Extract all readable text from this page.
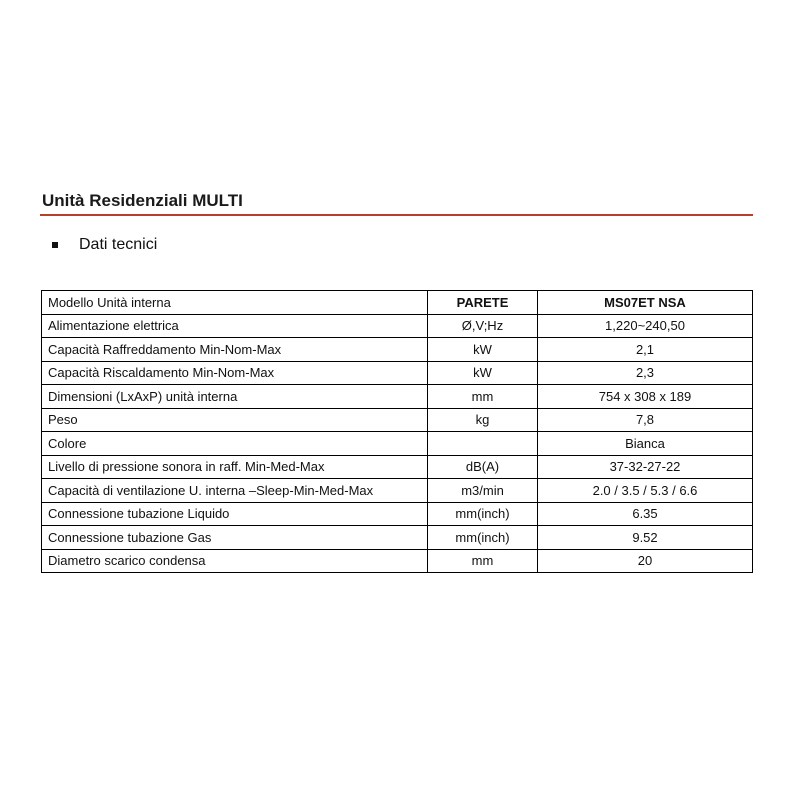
Unità Residenziali MULTI
Dati tecnici
Modello Unità interna	PARETE	MS07ET NSA
Alimentazione elettrica	Ø,V;Hz	1,220~240,50
Capacità Raffreddamento Min-Nom-Max	kW	2,1
Capacità Riscaldamento Min-Nom-Max	kW	2,3
Dimensioni (LxAxP) unità interna	mm	754 x 308 x 189
Peso	kg	7,8
Colore		Bianca
Livello di pressione sonora in raff. Min-Med-Max	dB(A)	37-32-27-22
Capacità di ventilazione U. interna –Sleep-Min-Med-Max	m3/min	2.0 / 3.5 / 5.3 / 6.6
Connessione tubazione Liquido	mm(inch)	6.35
Connessione tubazione Gas	mm(inch)	9.52
Diametro scarico condensa	mm	20
